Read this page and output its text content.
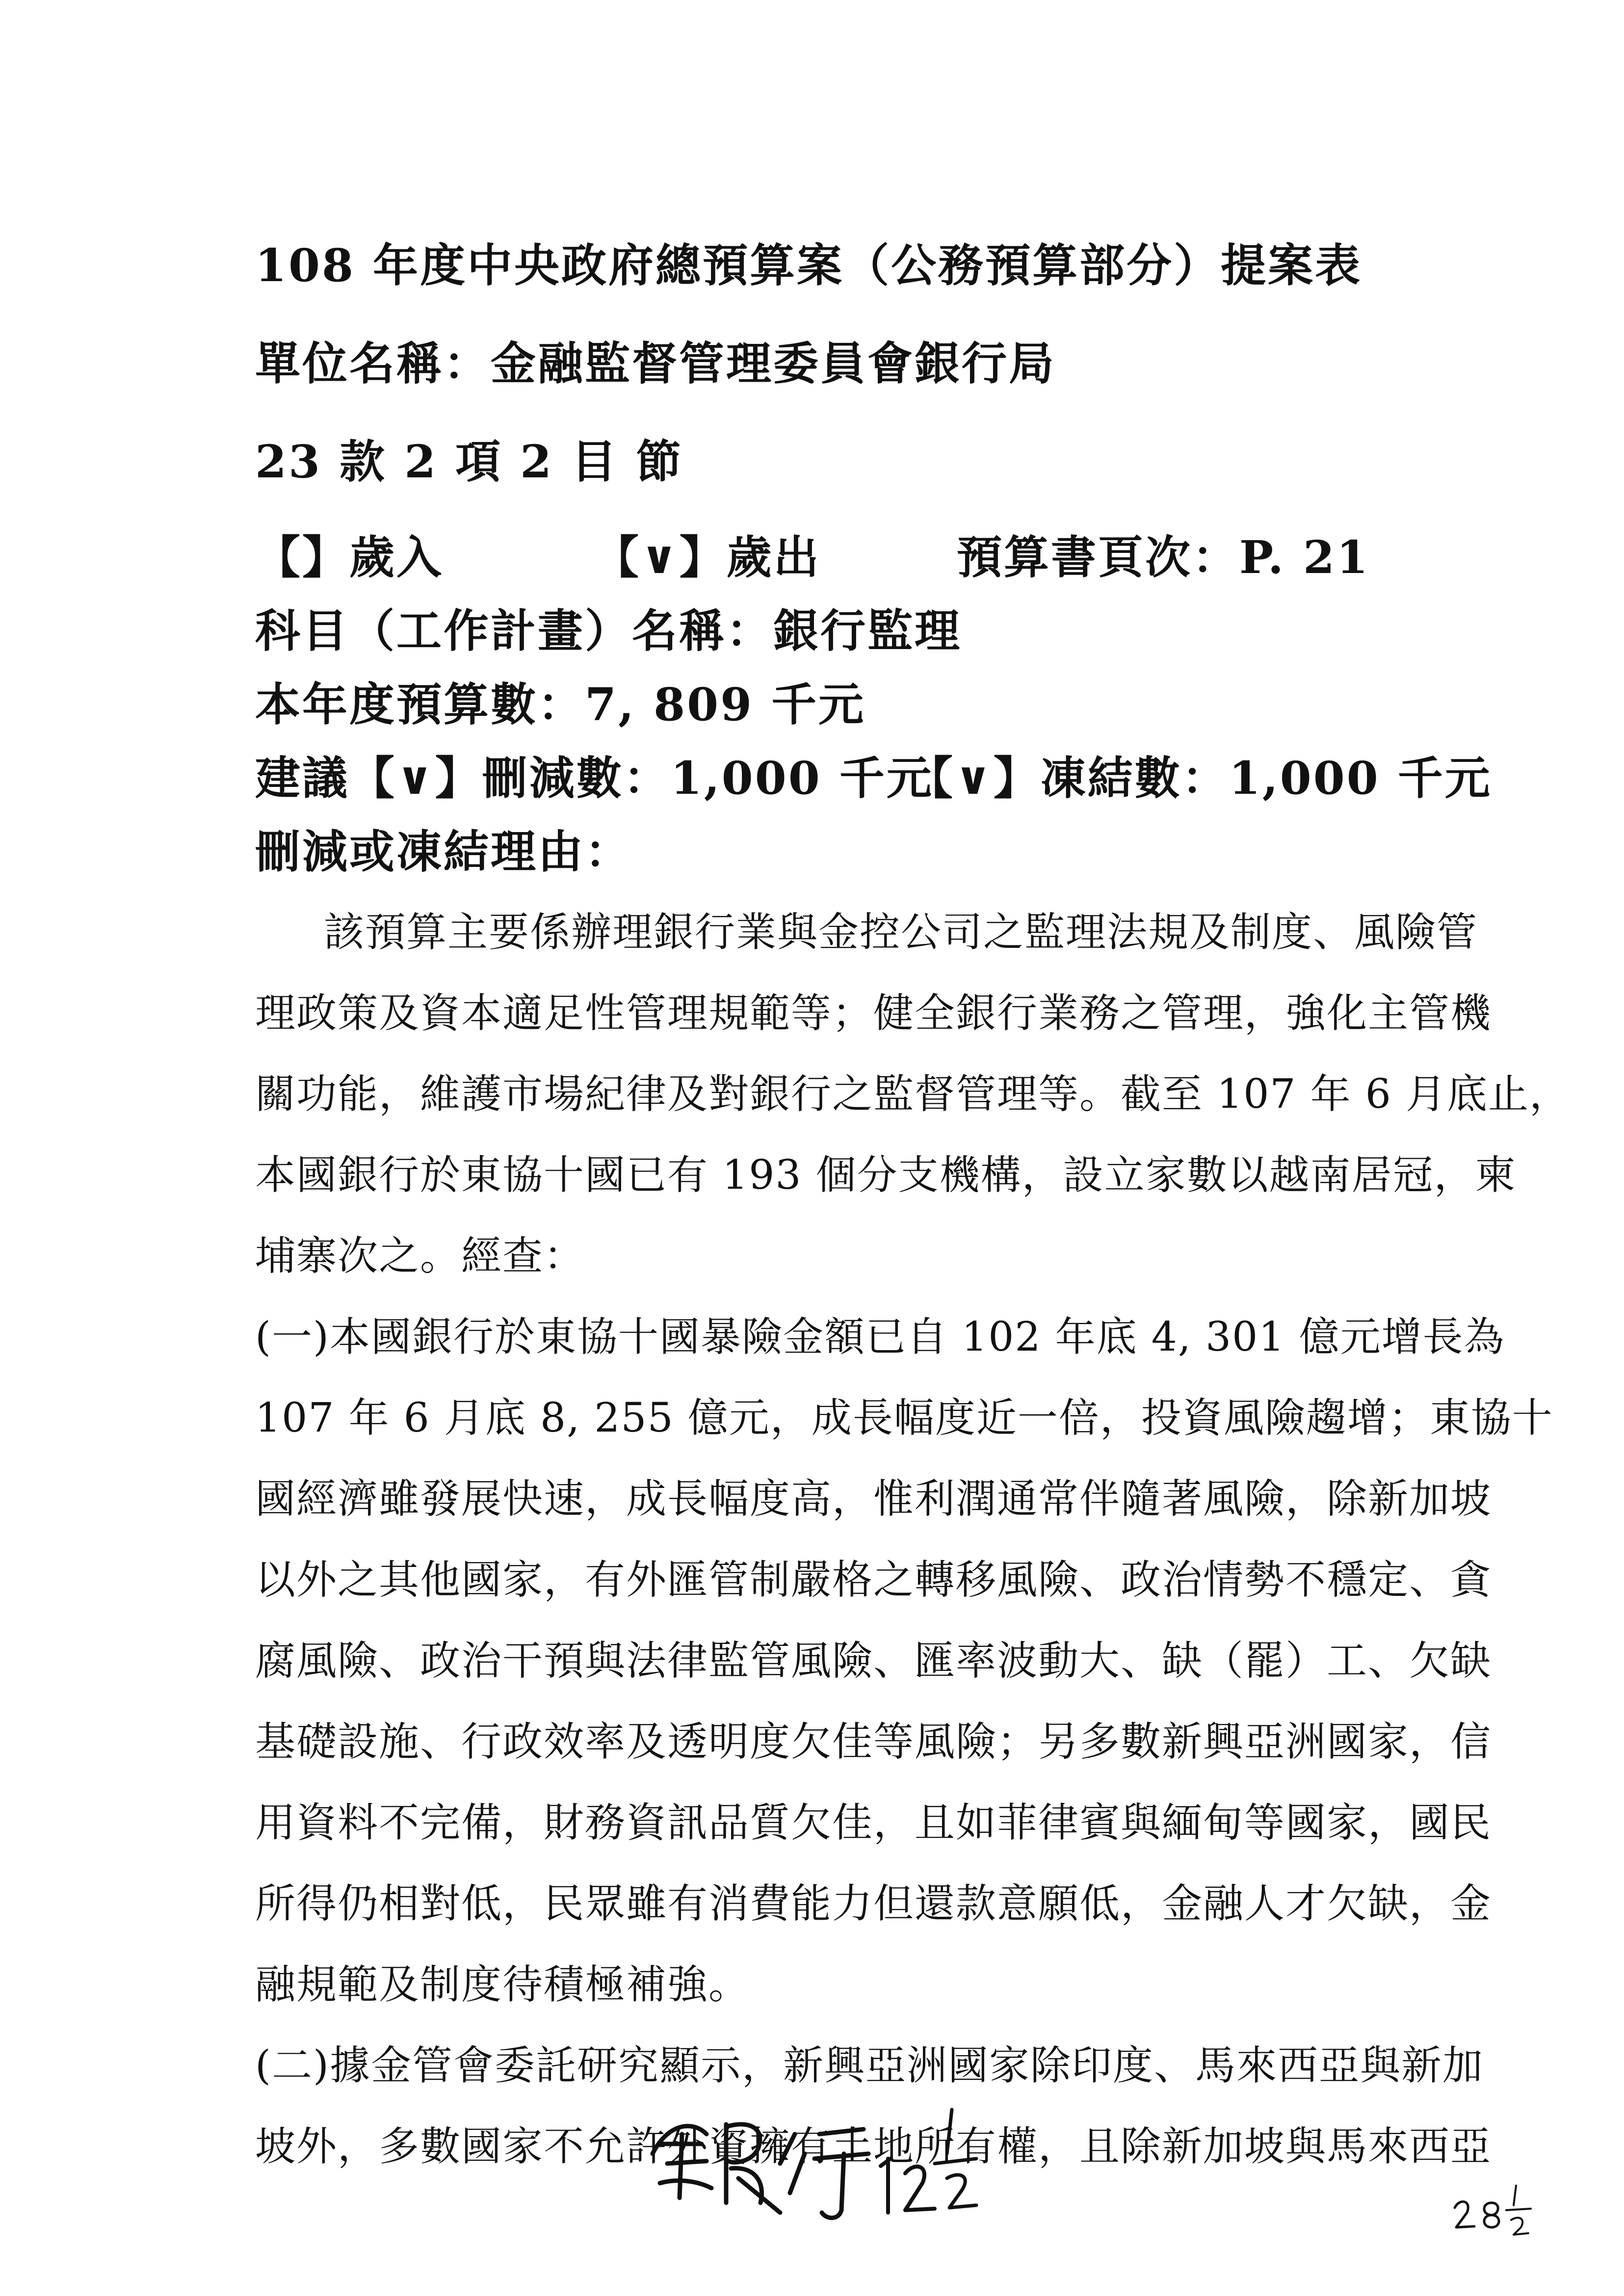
108 年度中央政府總預算案（公務預算部分）提案表
單位名稱：金融監督管理委員會銀行局
23 款 2 項 2 目 節
【】歲入	【∨】歲出	預算書頁次：P. 21
科目（工作計畫）名稱：銀行監理
本年度預算數：7, 809 千元
建議【∨】刪減數：1,000 千元
【∨】凍結數：1,000 千元
刪減或凍結理由：
該預算主要係辦理銀行業與金控公司之監理法規及制度、風險管
理政策及資本適足性管理規範等；健全銀行業務之管理，強化主管機
關功能，維護市場紀律及對銀行之監督管理等。截至 107 年 6 月底止，
本國銀行於東協十國已有 193 個分支機構，設立家數以越南居冠，柬
埔寨次之。經查：
(一)本國銀行於東協十國暴險金額已自 102 年底 4, 301 億元增長為
107 年 6 月底 8, 255 億元，成長幅度近一倍，投資風險趨增；東協十
國經濟雖發展快速，成長幅度高，惟利潤通常伴隨著風險，除新加坡
以外之其他國家，有外匯管制嚴格之轉移風險、政治情勢不穩定、貪
腐風險、政治干預與法律監管風險、匯率波動大、缺（罷）工、欠缺
基礎設施、行政效率及透明度欠佳等風險；另多數新興亞洲國家，信
用資料不完備，財務資訊品質欠佳，且如菲律賓與緬甸等國家，國民
所得仍相對低，民眾雖有消費能力但還款意願低，金融人才欠缺，金
融規範及制度待積極補強。
(二)據金管會委託研究顯示，新興亞洲國家除印度、馬來西亞與新加
坡外，多數國家不允許外資擁有土地所有權，且除新加坡與馬來西亞
